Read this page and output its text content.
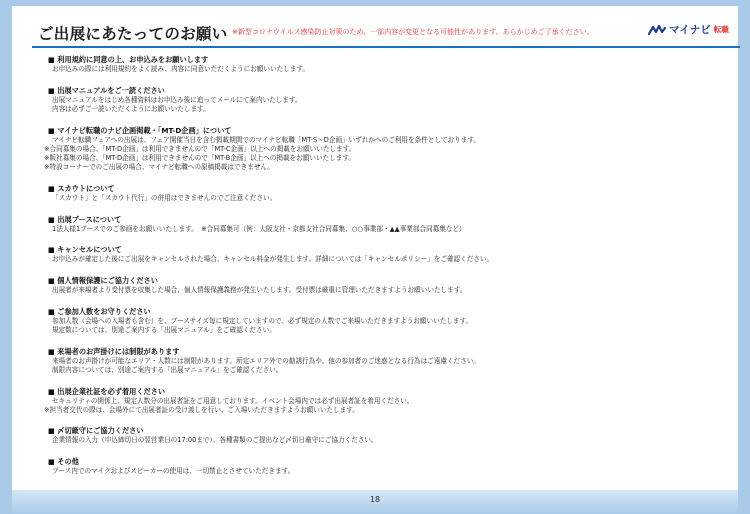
ご出展にあたってのお願い ※新型コロナウイルス感染防止対策のため、一部内容が変更となる可能性があります。あらかじめご了承ください。	マイナビ 転職
■ 利用規約に同意の上、お申込みをお願いします
お申込みの際には利用規約をよく読み、内容に同意いただくようにお願いいたします。
■ 出展マニュアルをご一読ください
出展マニュアルをはじめ各種資料はお申込み後に追ってメールにて案内いたします。
内容は必ずご一読いただくようにお願いいたします。
■ マイナビ転職のナビ企画掲載・「MT-D企画」について
マイナビ転職フェアへの出展は、フェア開催当日を含む掲載期間でのマイナビ転職「MT-S～D企画」いずれかへのご利用を条件としております。
※合同募集の場合、「MT-D企画」は利用できませんので「MT-C企画」以上への掲載をお願いいたします。
※販社募集の場合、「MT-D企画」は利用できませんので「MT-B企画」以上への掲載をお願いいたします。
※特設コーナーでのご出展の場合、マイナビ転職への原稿掲載はできません。
■ スカウトについて
「スカウト」と「スカウト代行」の併用はできませんのでご注意ください。
■ 出展ブースについて
1法人様1ブースでのご参画をお願いいたします。　※合同募集可（例：大阪支社・京都支社合同募集、○○事業部・▲▲事業部合同募集など）
■ キャンセルについて
お申込みが確定した後にご出展をキャンセルされた場合、キャンセル料金が発生します。詳細については「キャンセルポリシー」をご確認ください。
■ 個人情報保護にご協力ください
出展者が来場者より受付票を収集した場合、個人情報保護義務が発生いたします。受付票は厳重に管理いただきますようお願いいたします。
■ ご参加人数をお守りください
参加人数（会場への入場者も含む）を、ブースサイズ毎に規定していますので、必ず規定の人数でご来場いただきますようお願いいたします。
規定数については、別途ご案内する「出展マニュアル」をご確認ください。
■ 来場者のお声掛けには制限があります
来場者のお声掛けが可能なエリア・人数には制限があります。所定エリア外での勧誘行為や、他の参加者のご迷惑となる行為はご遠慮ください。
制限内容については、別途ご案内する「出展マニュアル」をご確認ください。
■ 出展企業社証を必ず着用ください
セキュリティの関係上、規定人数分の出展者証をご用意しております。イベント会場内では必ず出展者証を着用ください。
※担当者交代の際は、会場外にて出展者証の受け渡しを行い、ご入場いただきますようお願いいたします。
■ 〆切厳守にご協力ください
企業情報の入力（申込締切日の翌営業日の17:00まで）、各種書類のご提出など〆切日厳守にご協力ください。
■ その他
ブース内でのマイクおよびスピーカーの使用は、一切禁止とさせていただきます。
18
